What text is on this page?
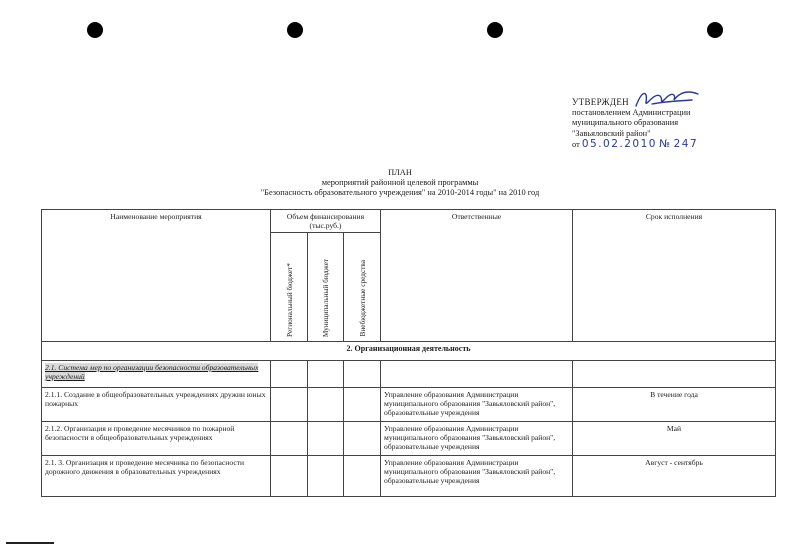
УТВЕРЖДЕН
постановлением Администрации
муниципального образования
"Завьяловский район"
от 05.02.2010 № 247
ПЛАН
мероприятий районной целевой программы
"Безопасность образовательного учреждения" на 2010-2014 годы" на 2010 год
Наименование мероприятия	Объем финансирования (тыс.руб.)			Ответственные	Срок исполнения
	Региональный бюджет*	Муниципальный бюджет	Внебюджетные средства		
2. Организационная деятельность					
2.1. Система мер по организации безопасности образовательных учреждений					
2.1.1. Создание в общеобразовательных учреждениях дружин юных пожарных				Управление образования Администрации муниципального образования "Завьяловский район", образовательные учреждения	В течение года
2.1.2. Организация и проведение месячников по пожарной безопасности в общеобразовательных учреждениях				Управление образования Администрации муниципального образования "Завьяловский район", образовательные учреждения	Май
2.1. 3. Организация и проведение месячника по безопасности дорожного движения в образовательных учреждениях				Управление образования Администрации муниципального образования "Завьяловский район", образовательные учреждения	Август - сентябрь
